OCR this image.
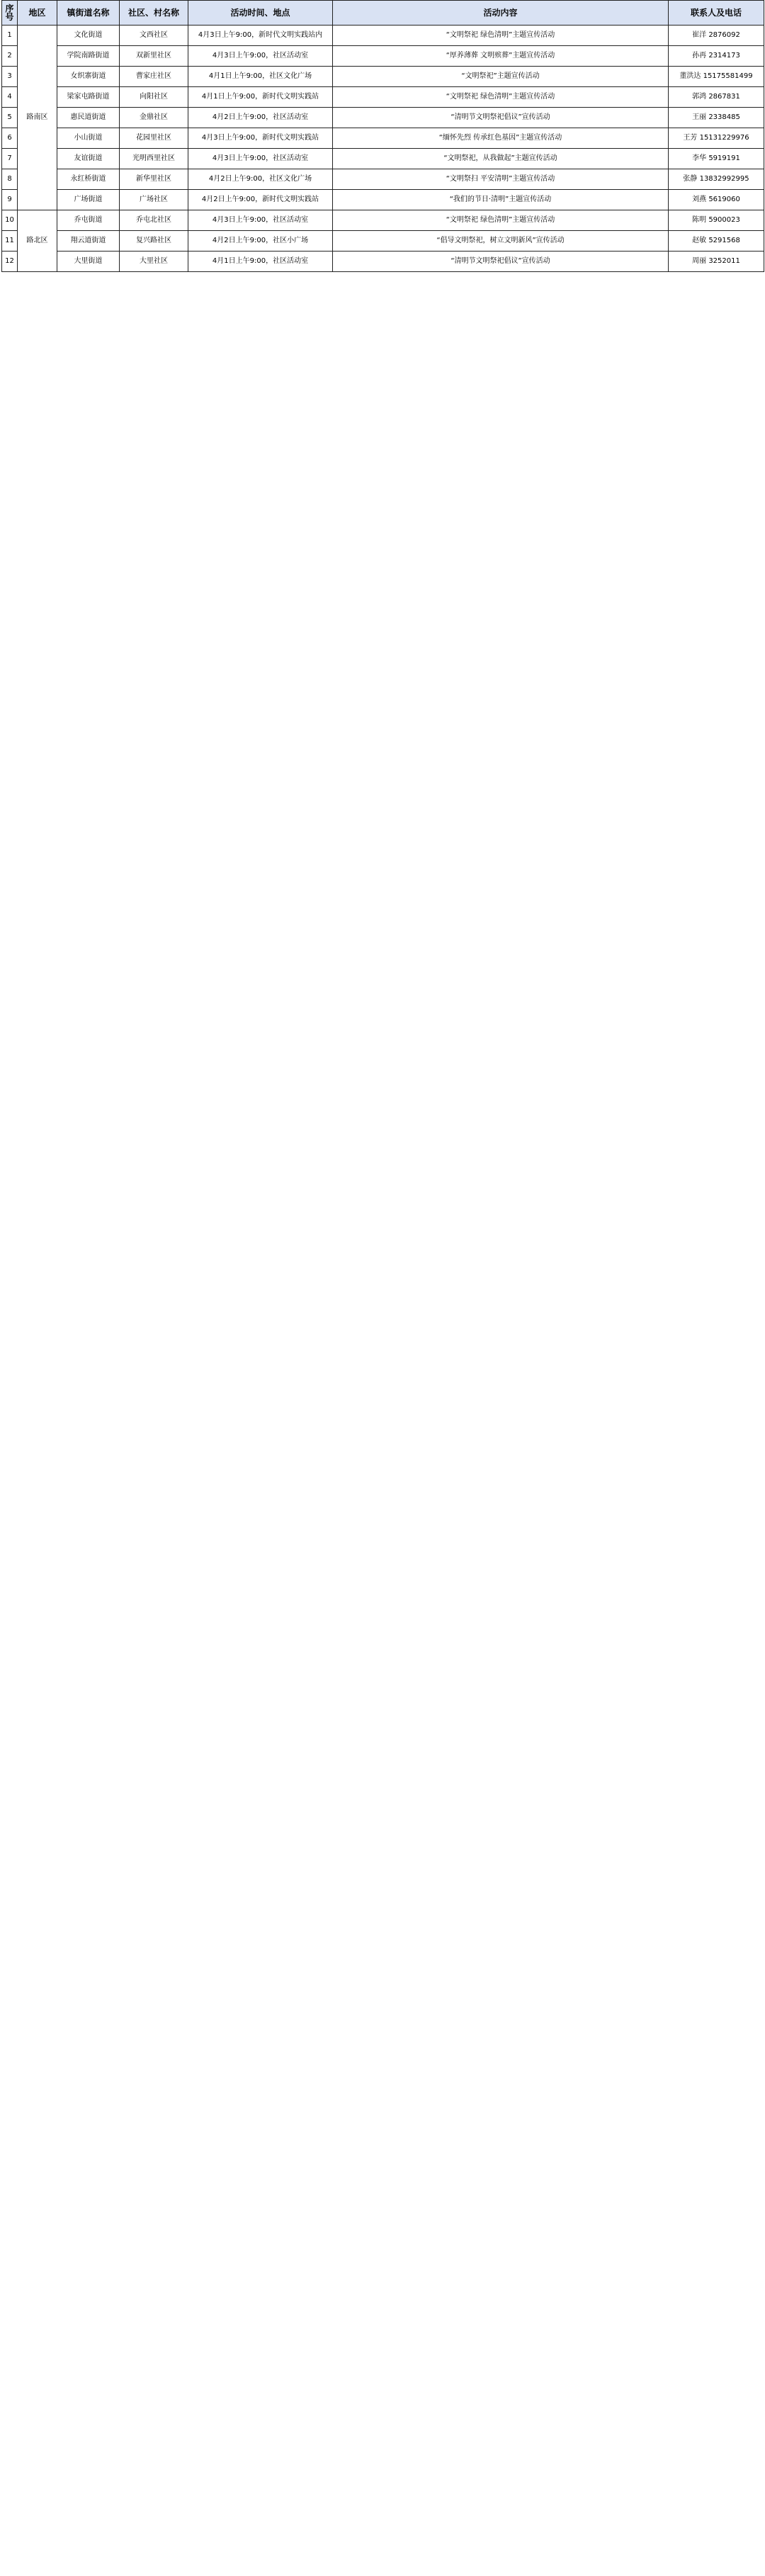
序号	地区	镇街道名称	社区、村名称	活动时间、地点	活动内容	联系人及电话
1	路南区	文化街道	文西社区	4月3日上午9:00，新时代文明实践站内	“文明祭祀 绿色清明”主题宣传活动	崔洋 2876092
2		学院南路街道	双新里社区	4月3日上午9:00，社区活动室	“厚养薄葬 文明殡葬”主题宣传活动	孙再 2314173
3		女织寨街道	曹家庄社区	4月1日上午9:00，社区文化广场	“文明祭祀”主题宣传活动	董洪达 15175581499
4		梁家屯路街道	向阳社区	4月1日上午9:00，新时代文明实践站	“文明祭祀 绿色清明”主题宣传活动	郭鸿 2867831
5		惠民道街道	金鼎社区	4月2日上午9:00，社区活动室	“清明节文明祭祀倡议”宣传活动	王丽 2338485
6		小山街道	花园里社区	4月3日上午9:00，新时代文明实践站	“缅怀先烈 传承红色基因”主题宣传活动	王芳 15131229976
7		友谊街道	光明西里社区	4月3日上午9:00，社区活动室	“文明祭祀，从我做起”主题宣传活动	李华 5919191
8		永红桥街道	新华里社区	4月2日上午9:00，社区文化广场	“文明祭扫 平安清明”主题宣传活动	张静 13832992995
9		广场街道	广场社区	4月2日上午9:00，新时代文明实践站	“我们的节日·清明”主题宣传活动	刘燕 5619060
10	路北区	乔屯街道	乔屯北社区	4月3日上午9:00，社区活动室	“文明祭祀 绿色清明”主题宣传活动	陈明 5900023
11		翔云道街道	复兴路社区	4月2日上午9:00，社区小广场	“倡导文明祭祀，树立文明新风”宣传活动	赵敏 5291568
12		大里街道	大里社区	4月1日上午9:00，社区活动室	“清明节文明祭祀倡议”宣传活动	周丽 3252011
